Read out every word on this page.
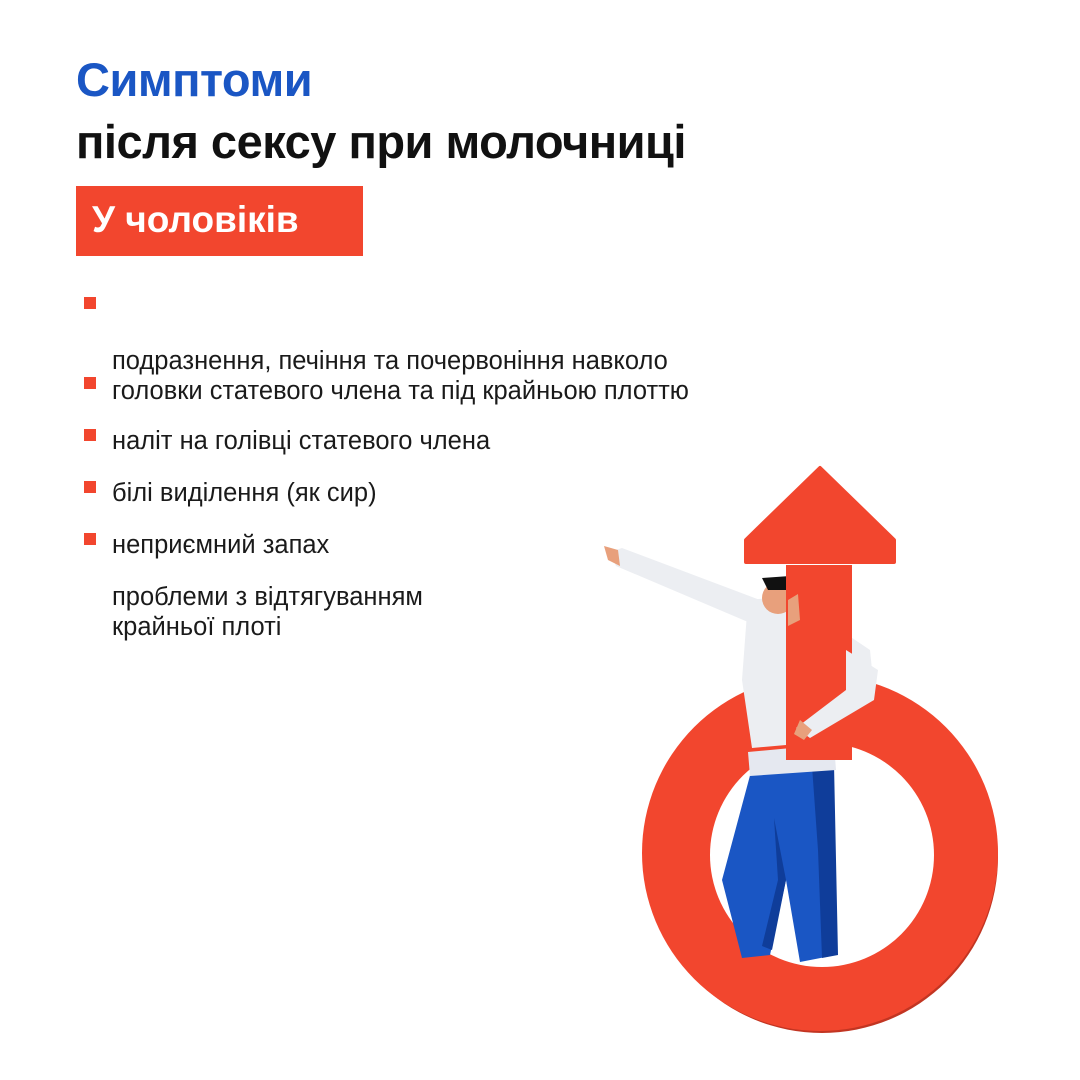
Симптоми
після сексу при молочниці
У чоловіків

подразнення, печіння та почервоніння навколо
головки статевого члена та під крайньою плоттю

наліт на голівці статевого члена

білі виділення (як сир)

неприємний запах

проблеми з відтягуванням
крайньої плоті
